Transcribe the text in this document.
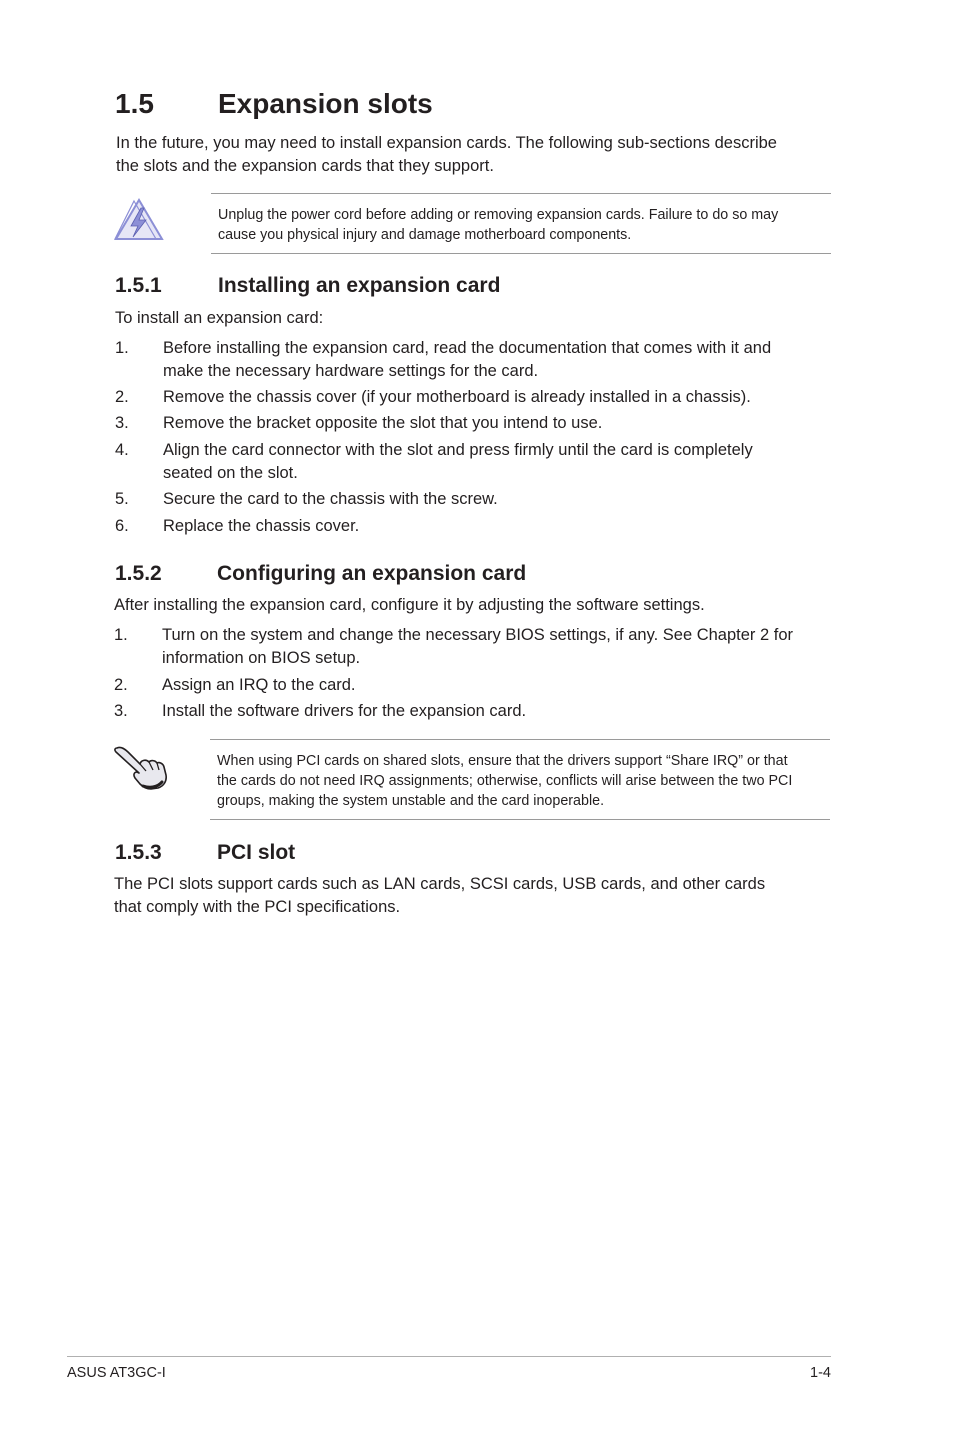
1.5 Expansion slots
In the future, you may need to install expansion cards. The following sub-sections describe
the slots and the expansion cards that they support.
Unplug the power cord before adding or removing expansion cards. Failure to do so may
cause you physical injury and damage motherboard components.
1.5.1	Installing an expansion card
To install an expansion card:
1. Before installing the expansion card, read the documentation that comes with it and
make the necessary hardware settings for the card.
2. Remove the chassis cover (if your motherboard is already installed in a chassis).
3. Remove the bracket opposite the slot that you intend to use.
4. Align the card connector with the slot and press firmly until the card is completely
seated on the slot.
5. Secure the card to the chassis with the screw.
6. Replace the chassis cover.
1.5.2	Configuring an expansion card
After installing the expansion card, configure it by adjusting the software settings.
1. Turn on the system and change the necessary BIOS settings, if any. See Chapter 2 for
information on BIOS setup.
2. Assign an IRQ to the card.
3. Install the software drivers for the expansion card.
When using PCI cards on shared slots, ensure that the drivers support “Share IRQ” or that
the cards do not need IRQ assignments; otherwise, conflicts will arise between the two PCI
groups, making the system unstable and the card inoperable.
1.5.3	PCI slot
The PCI slots support cards such as LAN cards, SCSI cards, USB cards, and other cards
that comply with the PCI specifications.
ASUS AT3GC-I	1-4
